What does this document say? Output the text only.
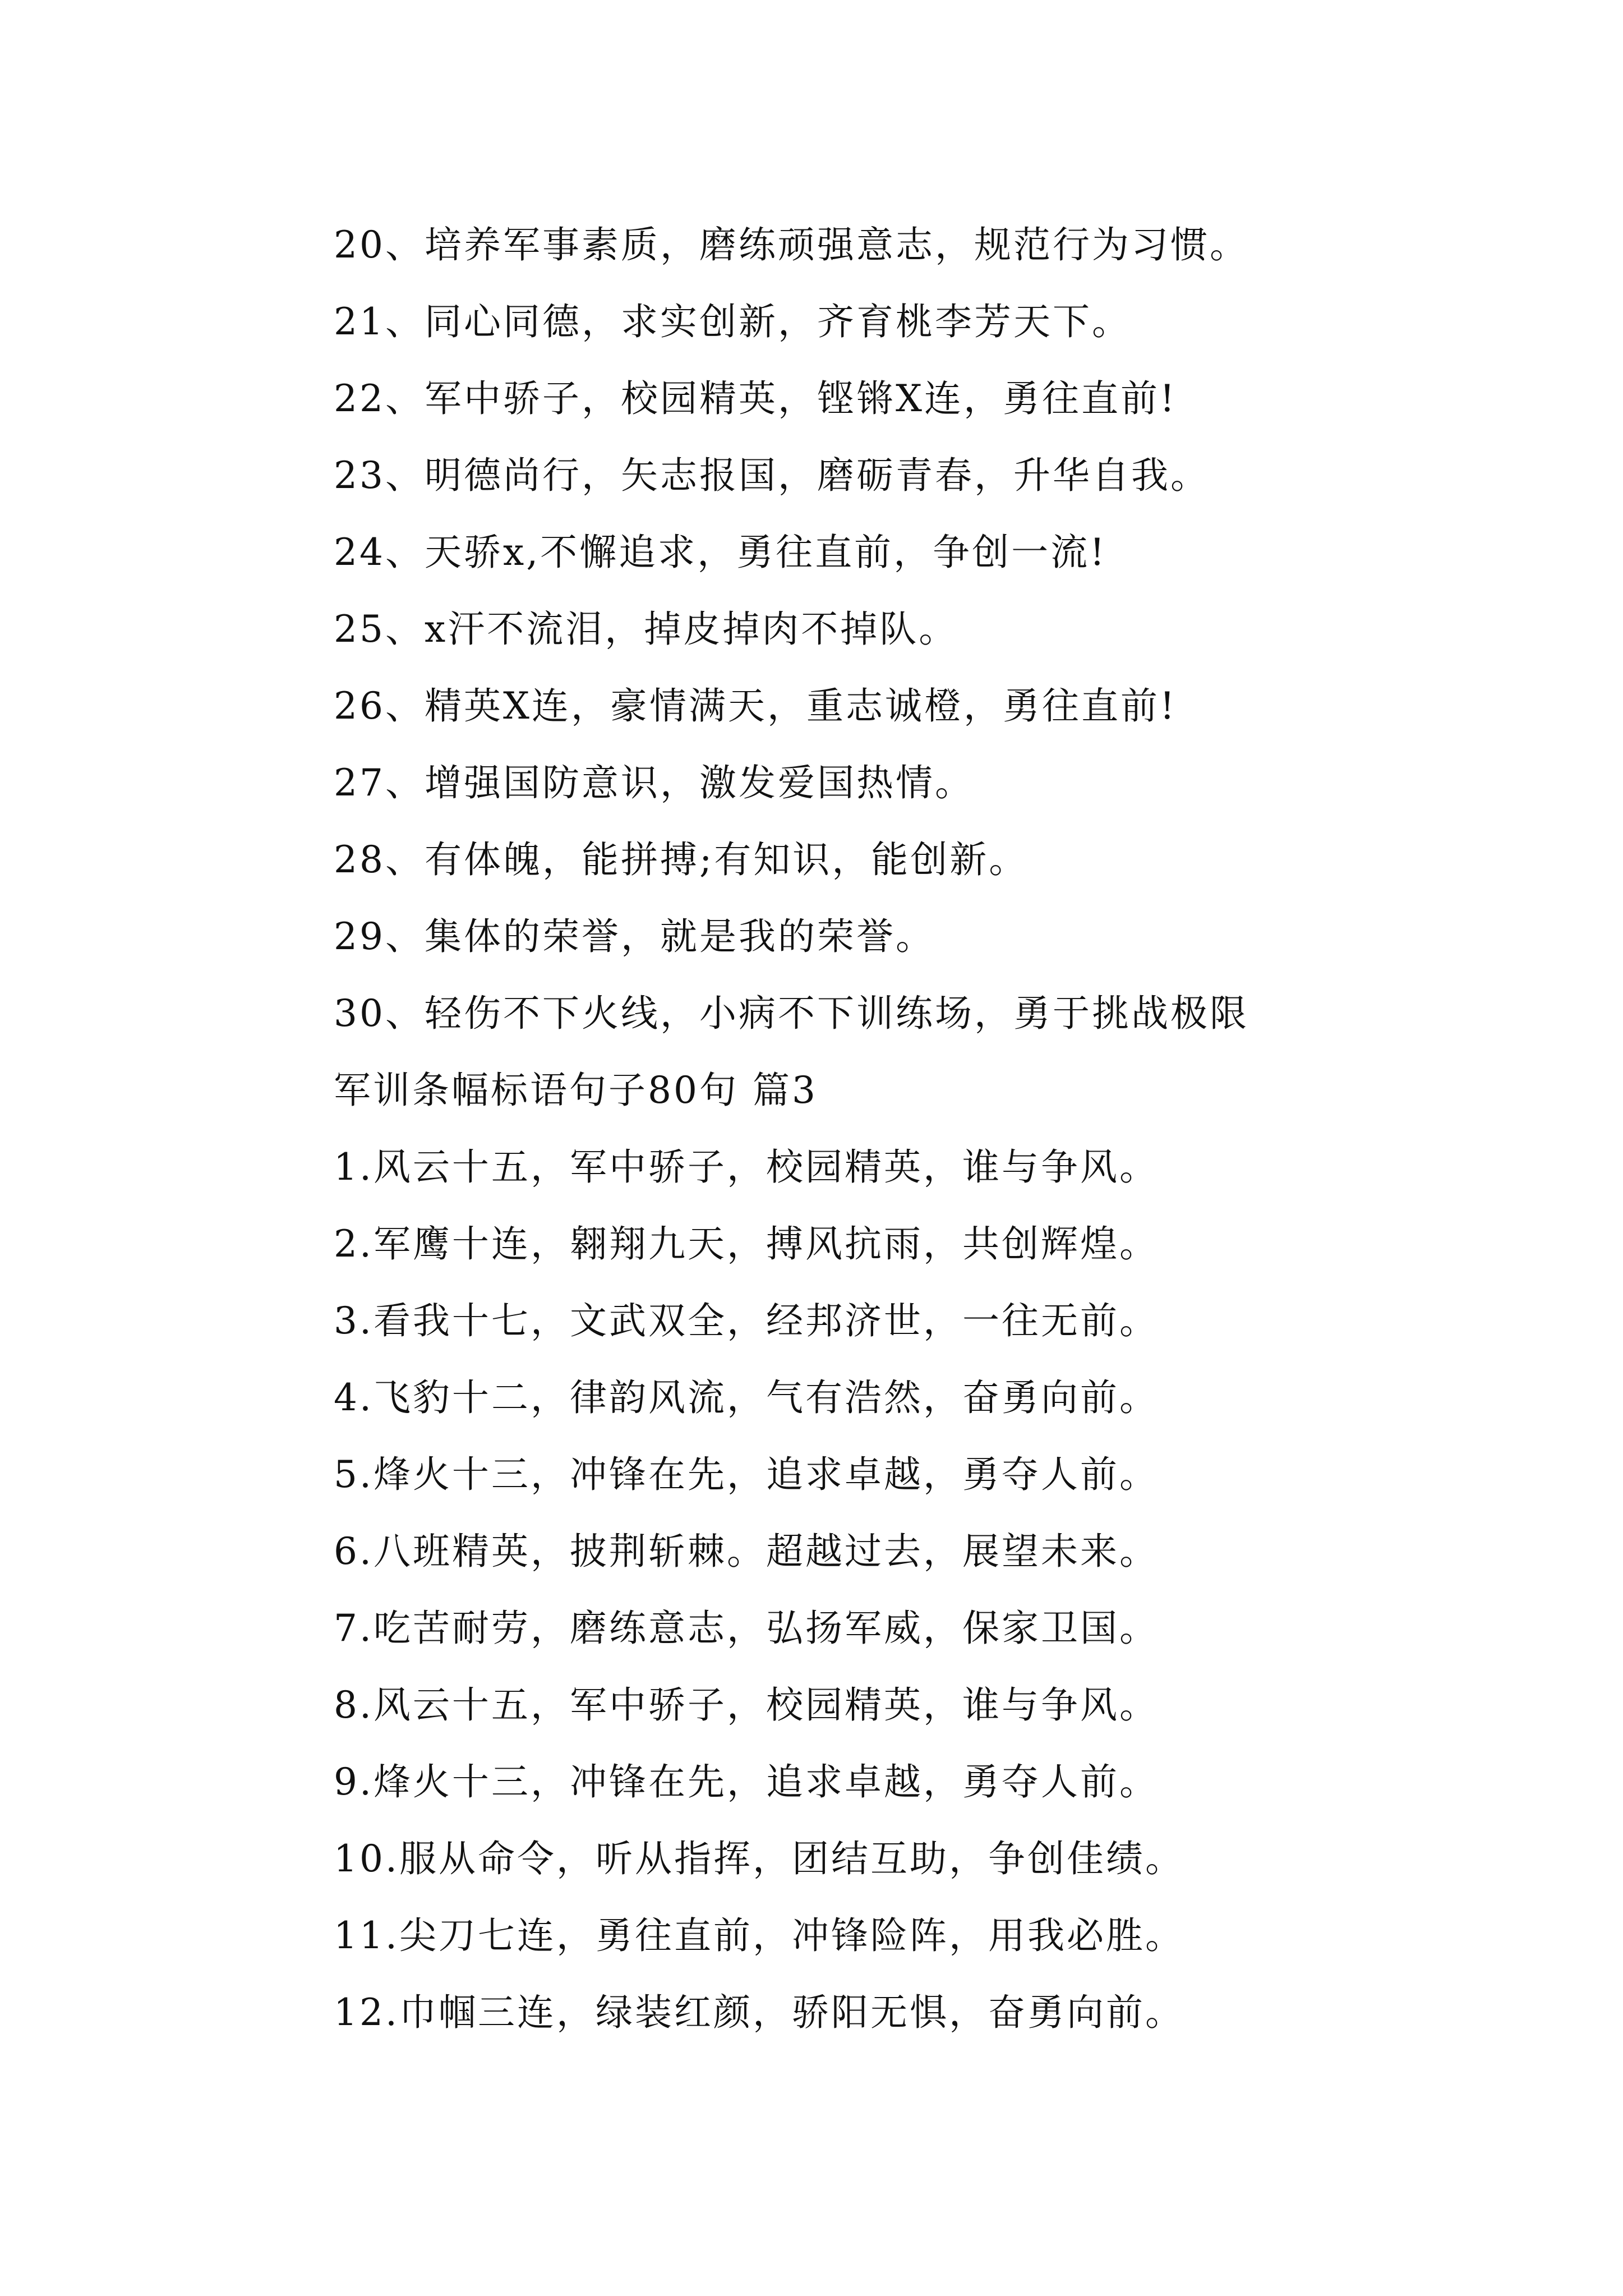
20、培养军事素质，磨练顽强意志，规范行为习惯。
21、同心同德，求实创新，齐育桃李芳天下。
22、军中骄子，校园精英，铿锵X连，勇往直前!
23、明德尚行，矢志报国，磨砺青春，升华自我。
24、天骄x,不懈追求，勇往直前，争创一流!
25、x汗不流泪，掉皮掉肉不掉队。
26、精英X连，豪情满天，重志诚橙，勇往直前!
27、增强国防意识，激发爱国热情。
28、有体魄，能拼搏;有知识，能创新。
29、集体的荣誉，就是我的荣誉。
30、轻伤不下火线，小病不下训练场，勇于挑战极限
军训条幅标语句子80句 篇3
1.风云十五，军中骄子，校园精英，谁与争风。
2.军鹰十连，翱翔九天，搏风抗雨，共创辉煌。
3.看我十七，文武双全，经邦济世，一往无前。
4.飞豹十二，律韵风流，气有浩然，奋勇向前。
5.烽火十三，冲锋在先，追求卓越，勇夺人前。
6.八班精英，披荆斩棘。超越过去，展望未来。
7.吃苦耐劳，磨练意志，弘扬军威，保家卫国。
8.风云十五，军中骄子，校园精英，谁与争风。
9.烽火十三，冲锋在先，追求卓越，勇夺人前。
10.服从命令，听从指挥，团结互助，争创佳绩。
11.尖刀七连，勇往直前，冲锋险阵，用我必胜。
12.巾帼三连，绿装红颜，骄阳无惧，奋勇向前。
